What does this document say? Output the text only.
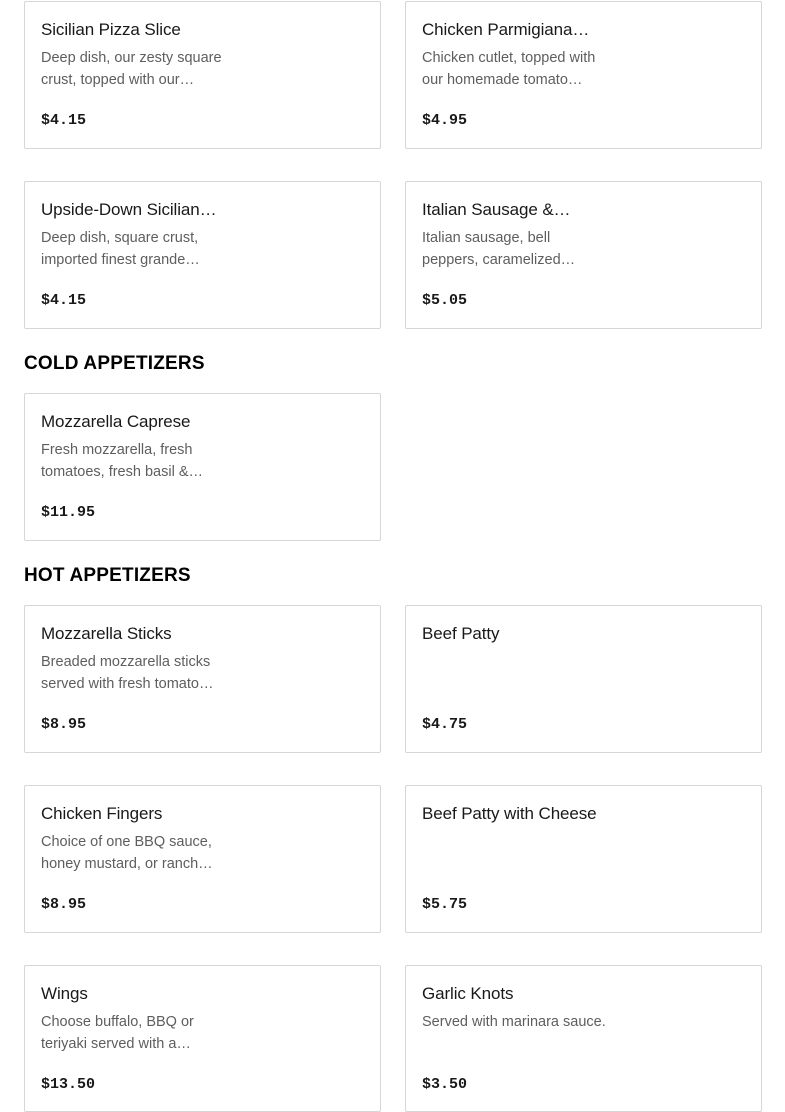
Sicilian Pizza Slice
Deep dish, our zesty square crust, topped with our…
$4.15
Chicken Parmigiana…
Chicken cutlet, topped with our homemade tomato…
$4.95
Upside-Down Sicilian…
Deep dish, square crust, imported finest grande…
$4.15
Italian Sausage &…
Italian sausage, bell peppers, caramelized…
$5.05
COLD APPETIZERS
Mozzarella Caprese
Fresh mozzarella, fresh tomatoes, fresh basil &…
$11.95
HOT APPETIZERS
Mozzarella Sticks
Breaded mozzarella sticks served with fresh tomato…
$8.95
Beef Patty
$4.75
Chicken Fingers
Choice of one BBQ sauce, honey mustard, or ranch…
$8.95
Beef Patty with Cheese
$5.75
Wings
Choose buffalo, BBQ or teriyaki served with a…
$13.50
Garlic Knots
Served with marinara sauce.
$3.50
